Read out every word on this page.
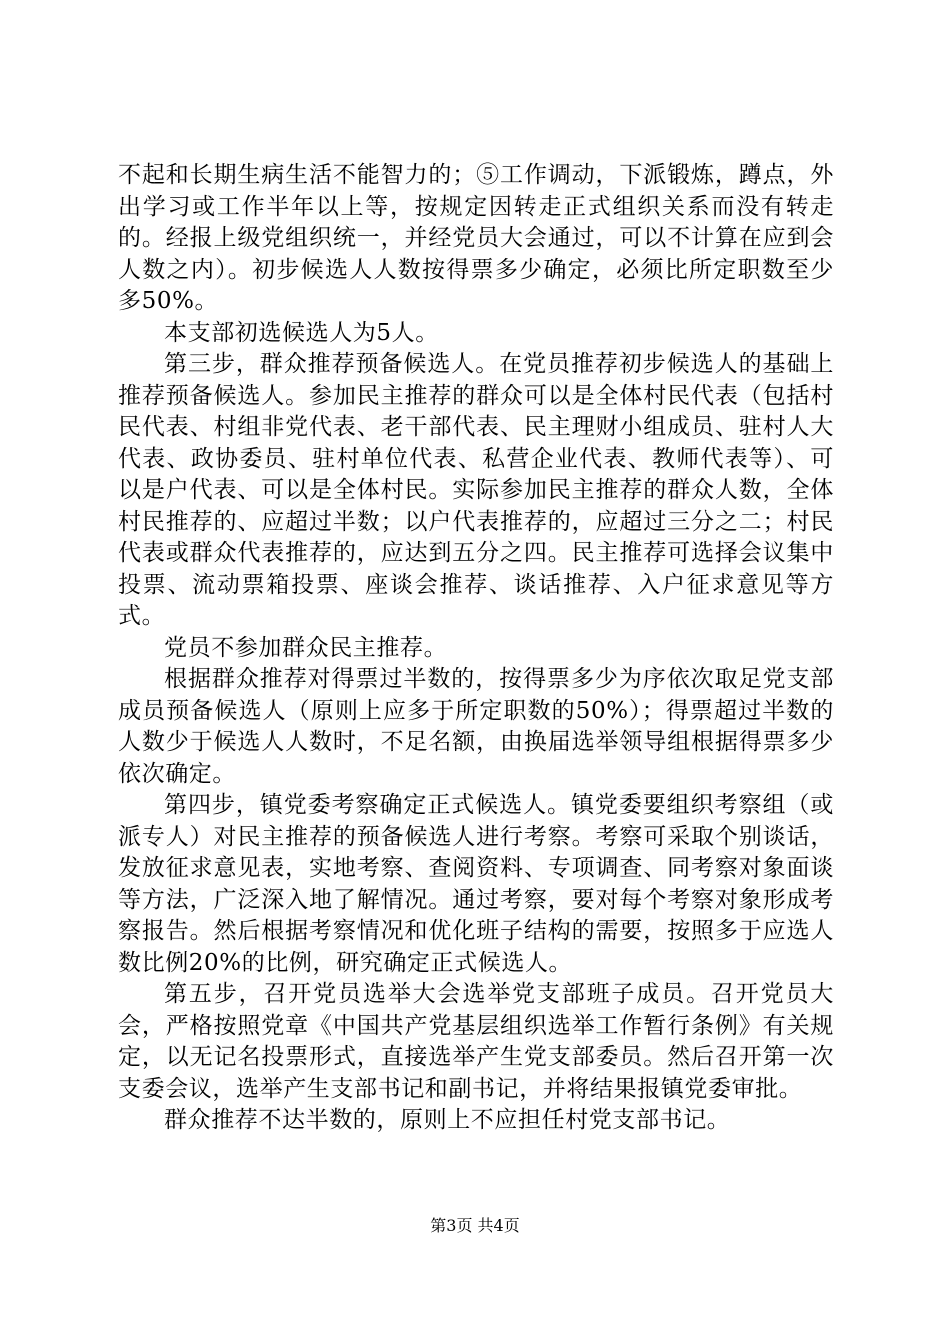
不起和长期生病生活不能智力的；⑤工作调动，下派锻炼，蹲点，外出学习或工作半年以上等，按规定因转走正式组织关系而没有转走的。经报上级党组织统一，并经党员大会通过，可以不计算在应到会人数之内）。初步候选人人数按得票多少确定，必须比所定职数至少多50%。

本支部初选候选人为5人。

第三步，群众推荐预备候选人。在党员推荐初步候选人的基础上推荐预备候选人。参加民主推荐的群众可以是全体村民代表（包括村民代表、村组非党代表、老干部代表、民主理财小组成员、驻村人大代表、政协委员、驻村单位代表、私营企业代表、教师代表等）、可以是户代表、可以是全体村民。实际参加民主推荐的群众人数，全体村民推荐的、应超过半数；以户代表推荐的，应超过三分之二；村民代表或群众代表推荐的，应达到五分之四。民主推荐可选择会议集中投票、流动票箱投票、座谈会推荐、谈话推荐、入户征求意见等方式。

党员不参加群众民主推荐。

根据群众推荐对得票过半数的，按得票多少为序依次取足党支部成员预备候选人（原则上应多于所定职数的50%）；得票超过半数的人数少于候选人人数时，不足名额，由换届选举领导组根据得票多少依次确定。

第四步，镇党委考察确定正式候选人。镇党委要组织考察组（或派专人）对民主推荐的预备候选人进行考察。考察可采取个别谈话，发放征求意见表，实地考察、查阅资料、专项调查、同考察对象面谈等方法，广泛深入地了解情况。通过考察，要对每个考察对象形成考察报告。然后根据考察情况和优化班子结构的需要，按照多于应选人数比例20%的比例，研究确定正式候选人。

第五步，召开党员选举大会选举党支部班子成员。召开党员大会，严格按照党章《中国共产党基层组织选举工作暂行条例》有关规定，以无记名投票形式，直接选举产生党支部委员。然后召开第一次支委会议，选举产生支部书记和副书记，并将结果报镇党委审批。

群众推荐不达半数的，原则上不应担任村党支部书记。

第3页 共4页
